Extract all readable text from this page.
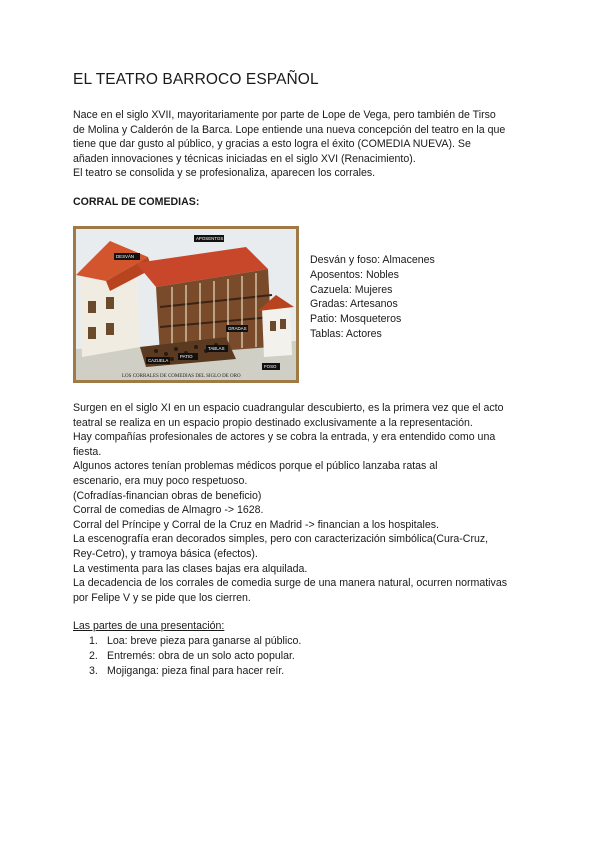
EL TEATRO BARROCO ESPAÑOL
Nace en el siglo XVII, mayoritariamente por parte de Lope de Vega, pero también de Tirso
de Molina y Calderón de la Barca. Lope entiende una nueva concepción del teatro en la que
tiene que dar gusto al público, y gracias a esto logra el éxito (COMEDIA NUEVA). Se
añaden innovaciones y técnicas iniciadas en el siglo XVI (Renacimiento).
El teatro se consolida y se profesionaliza, aparecen los corrales.
CORRAL DE COMEDIAS:
APOSENTOS
DESVÁN
GRADAS
CAZUELA
PATIO
TABLAS
FOSO
LOS CORRALES DE COMEDIAS DEL SIGLO DE ORO
Desván y foso: Almacenes
Aposentos: Nobles
Cazuela: Mujeres
Gradas: Artesanos
Patio: Mosqueteros
Tablas: Actores
Surgen en el siglo XI en un espacio cuadrangular descubierto, es la primera vez que el acto
teatral se realiza en un espacio propio destinado exclusivamente a la representación.
Hay compañías profesionales de actores y se cobra la entrada, y era entendido como una
fiesta.
Algunos actores tenían problemas médicos porque el público lanzaba ratas al
escenario, era muy poco respetuoso.
(Cofradías-financian obras de beneficio)
Corral de comedias de Almagro -> 1628.
Corral del Príncipe y Corral de la Cruz en Madrid -> financian a los hospitales.
La escenografía eran decorados simples, pero con caracterización simbólica(Cura-Cruz,
Rey-Cetro), y tramoya básica (efectos).
La vestimenta para las clases bajas era alquilada.
La decadencia de los corrales de comedia surge de una manera natural, ocurren normativas
por Felipe V y se pide que los cierren.
Las partes de una presentación:
1. Loa: breve pieza para ganarse al público.
2. Entremés: obra de un solo acto popular.
3. Mojiganga: pieza final para hacer reír.
